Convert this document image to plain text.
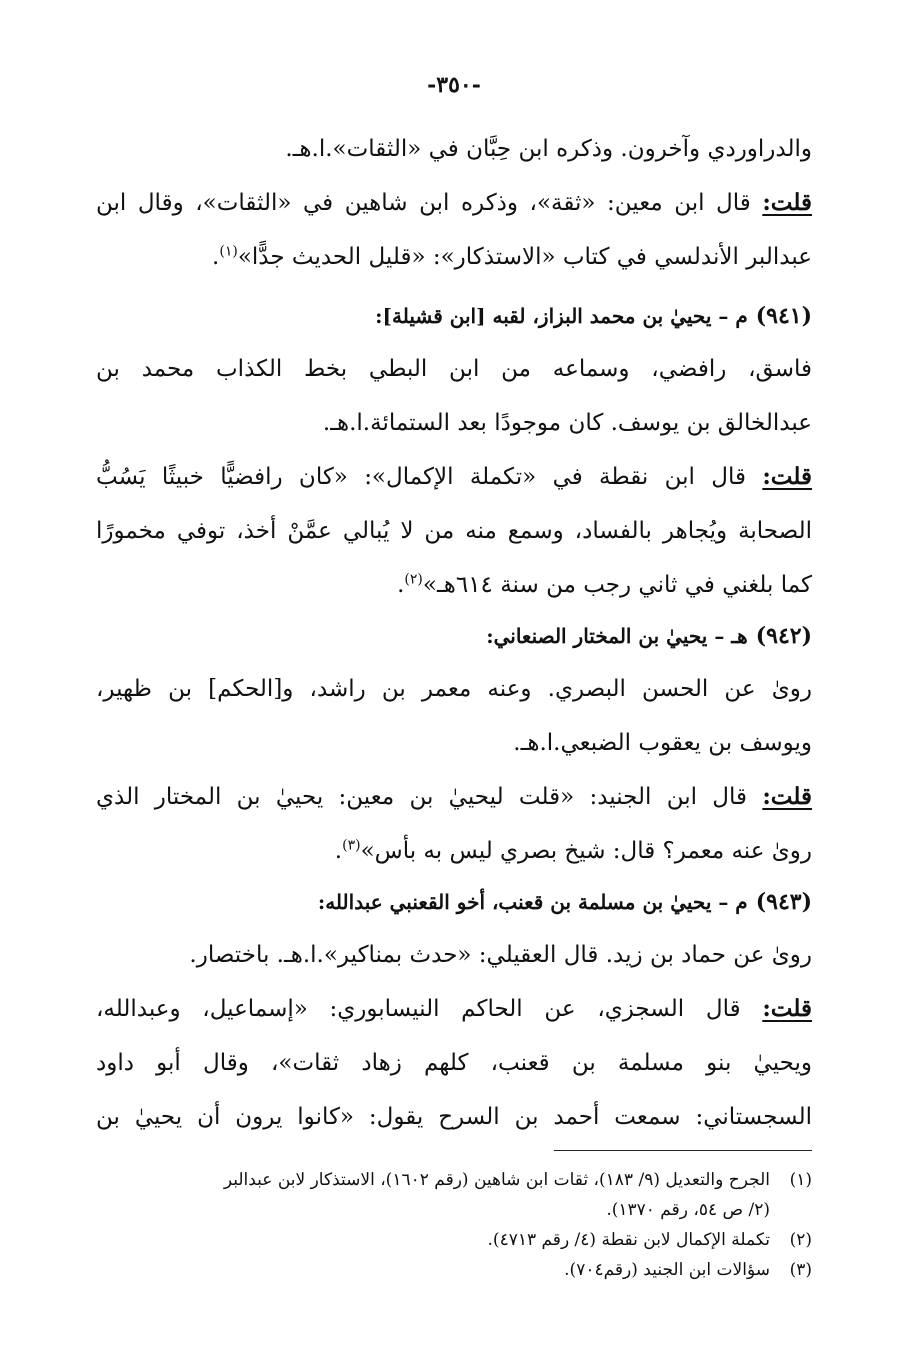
-٣٥٠-
والدراوردي وآخرون. وذكره ابن حِبَّان في «الثقات».ا.هـ.
قلت: قال ابن معين: «ثقة»، وذكره ابن شاهين في «الثقات»، وقال ابن
عبدالبر الأندلسي في كتاب «الاستذكار»: «قليل الحديث جدًّا»$^{(١)}$.
(٩٤١)م – يحييٰ بن محمد البزاز، لقبه [ابن قشيلة]:
فاسق، رافضي، وسماعه من ابن البطي بخط الكذاب محمد بن
عبدالخالق بن يوسف. كان موجودًا بعد الستمائة.ا.هـ.
قلت: قال ابن نقطة في «تكملة الإكمال»: «كان رافضيًّا خبيثًا يَسُبُّ
الصحابة ويُجاهر بالفساد، وسمع منه من لا يُبالي عمَّنْ أخذ، توفي مخمورًا
كما بلغني في ثاني رجب من سنة ٦١٤هـ»$^{(٢)}$.
(٩٤٢)هـ – يحييٰ بن المختار الصنعاني:
رویٰ عن الحسن البصري. وعنه معمر بن راشد، و[الحكم] بن ظهير،
ويوسف بن يعقوب الضبعي.ا.هـ.
قلت: قال ابن الجنيد: «قلت ليحييٰ بن معين: يحييٰ بن المختار الذي
رویٰ عنه معمر؟ قال: شيخ بصري ليس به بأس»$^{(٣)}$.
(٩٤٣)م – يحييٰ بن مسلمة بن قعنب، أخو القعنبي عبدالله:
رویٰ عن حماد بن زيد. قال العقيلي: «حدث بمناكير».ا.هـ. باختصار.
قلت: قال السجزي، عن الحاكم النيسابوري: «إسماعيل، وعبدالله،
ويحييٰ بنو مسلمة بن قعنب، كلهم زهاد ثقات»، وقال أبو داود
السجستاني: سمعت أحمد بن السرح يقول: «كانوا يرون أن يحييٰ بن
(١)
الجرح والتعديل (٩/ ١٨٣)، ثقات ابن شاهين (رقم ١٦٠٢)، الاستذكار لابن عبدالبر
(٢/ ص ٥٤، رقم ١٣٧٠).
(٢)
تكملة الإكمال لابن نقطة (٤/ رقم ٤٧١٣).
(٣)
سؤالات ابن الجنيد (رقم٧٠٤).
